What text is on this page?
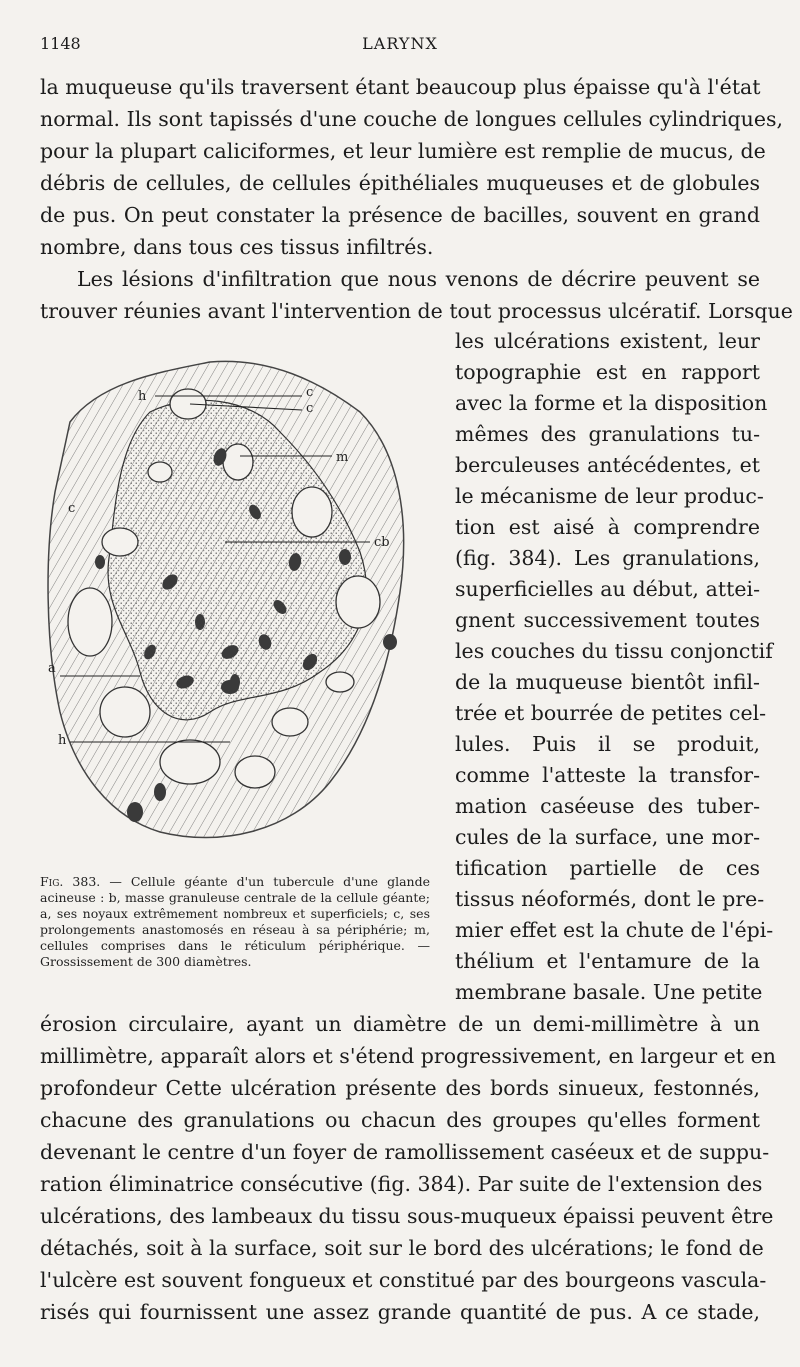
1148	LARYNX
la muqueuse qu'ils traversent étant beaucoup plus épaisse qu'à l'état
normal. Ils sont tapissés d'une couche de longues cellules cylindriques,
pour la plupart caliciformes, et leur lumière est remplie de mucus, de
débris de cellules, de cellules épithéliales muqueuses et de globules
de pus. On peut constater la présence de bacilles, souvent en grand
nombre, dans tous ces tissus infiltrés.
Les lésions d'infiltration que nous venons de décrire peuvent se
trouver réunies avant l'intervention de tout processus ulcératif. Lorsque
les ulcérations existent, leur
topographie est en rapport
avec la forme et la disposition
mêmes des granulations tu-
berculeuses antécédentes, et
le mécanisme de leur produc-
tion est aisé à comprendre
(fig. 384). Les granulations,
superficielles au début, attei-
gnent successivement toutes
les couches du tissu conjonctif
de la muqueuse bientôt infil-
trée et bourrée de petites cel-
lules. Puis il se produit,
comme l'atteste la transfor-
mation caséeuse des tuber-
cules de la surface, une mor-
tification partielle de ces
tissus néoformés, dont le pre-
mier effet est la chute de l'épi-
thélium et l'entamure de la
membrane basale. Une petite
érosion circulaire, ayant un diamètre de un demi-millimètre à un
millimètre, apparaît alors et s'étend progressivement, en largeur et en
profondeur Cette ulcération présente des bords sinueux, festonnés,
chacune des granulations ou chacun des groupes qu'elles forment
devenant le centre d'un foyer de ramollissement caséeux et de suppu-
ration éliminatrice consécutive (fig. 384). Par suite de l'extension des
ulcérations, des lambeaux du tissu sous-muqueux épaissi peuvent être
détachés, soit à la surface, soit sur le bord des ulcérations; le fond de
l'ulcère est souvent fongueux et constitué par des bourgeons vascula-
risés qui fournissent une assez grande quantité de pus. A ce stade,
h	c
c
m
c
cb
a
h
Fig. 383. — Cellule géante d'un tubercule d'une glande acineuse : b, masse granuleuse centrale de la cellule géante; a, ses noyaux extrêmement nombreux et superficiels; c, ses prolongements anastomosés en réseau à sa périphérie; m, cellules comprises dans le réticulum périphérique. — Grossissement de 300 diamètres.
